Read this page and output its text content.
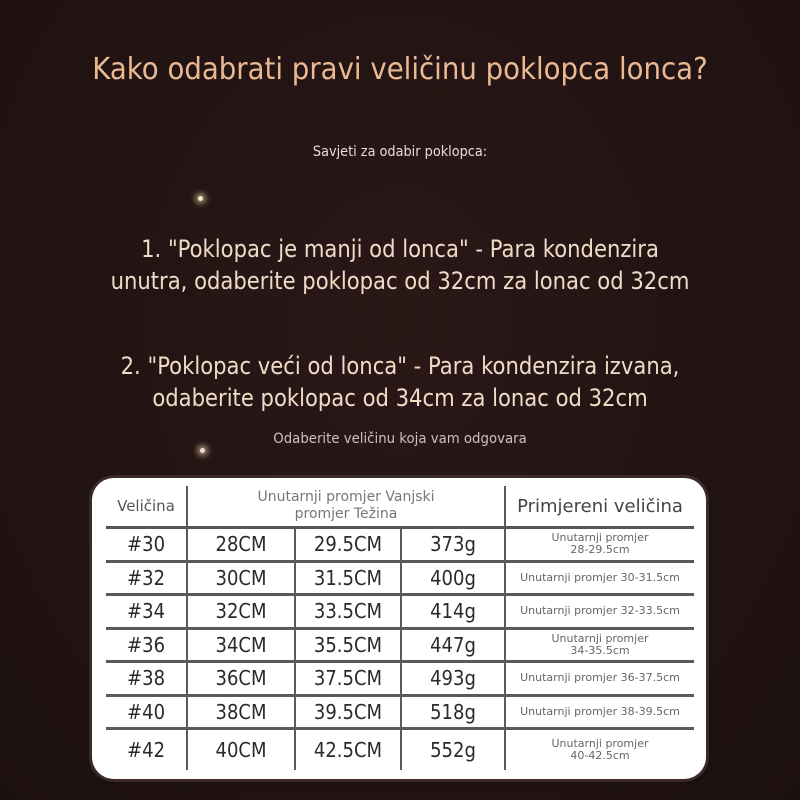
Kako odabrati pravi veličinu poklopca lonca?
Savjeti za odabir poklopca:
1. "Poklopac je manji od lonca" - Para kondenzira
unutra, odaberite poklopac od 32cm za lonac od 32cm
2. "Poklopac veći od lonca" - Para kondenzira izvana,
odaberite poklopac od 34cm za lonac od 32cm
Odaberite veličinu koja vam odgovara
Veličina	Unutarnji promjer Vanjski
promjer Težina			Primjereni veličina
#30	28CM	29.5CM	373g	Unutarnji promjer
28-29.5cm

#32	30CM	31.5CM	400g	Unutarnji promjer 30-31.5cm

#34	32CM	33.5CM	414g	Unutarnji promjer 32-33.5cm

#36	34CM	35.5CM	447g	Unutarnji promjer
34-35.5cm

#38	36CM	37.5CM	493g	Unutarnji promjer 36-37.5cm

#40	38CM	39.5CM	518g	Unutarnji promjer 38-39.5cm

#42	40CM	42.5CM	552g	Unutarnji promjer
40-42.5cm
